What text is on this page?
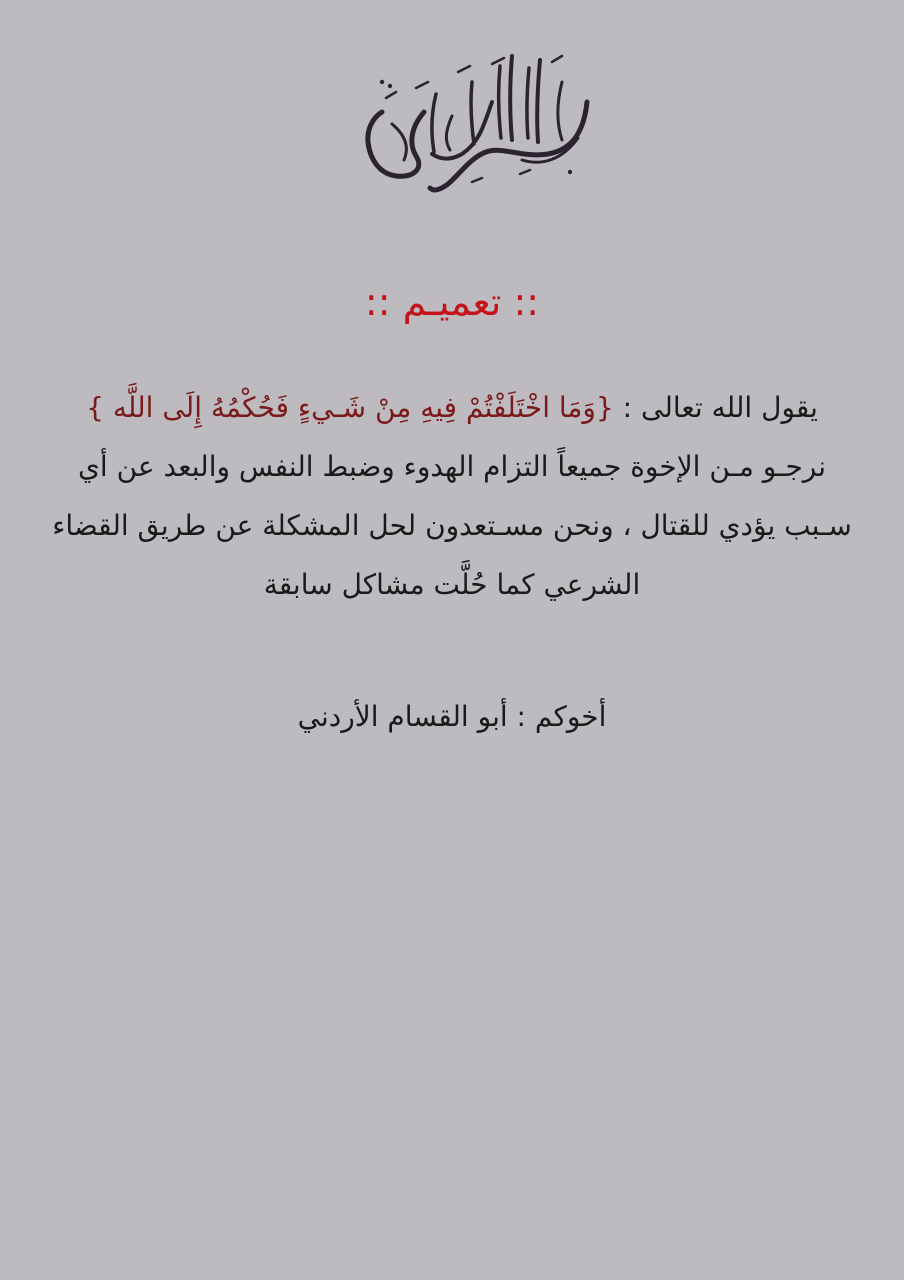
:: تعميـم ::
يقول الله تعالى : {وَمَا اخْتَلَفْتُمْ فِيهِ مِنْ شَـيءٍ فَحُكْمُهُ إِلَى اللَّه }
نرجـو مـن الإخوة جميعاً التزام الهدوء وضبط النفس والبعد عن أي
سـبب يؤدي للقتال ، ونحن مسـتعدون لحل المشكلة عن طريق القضاء
الشرعي كما حُلَّت مشاكل سابقة
أخوكم : أبو القسام الأردني
